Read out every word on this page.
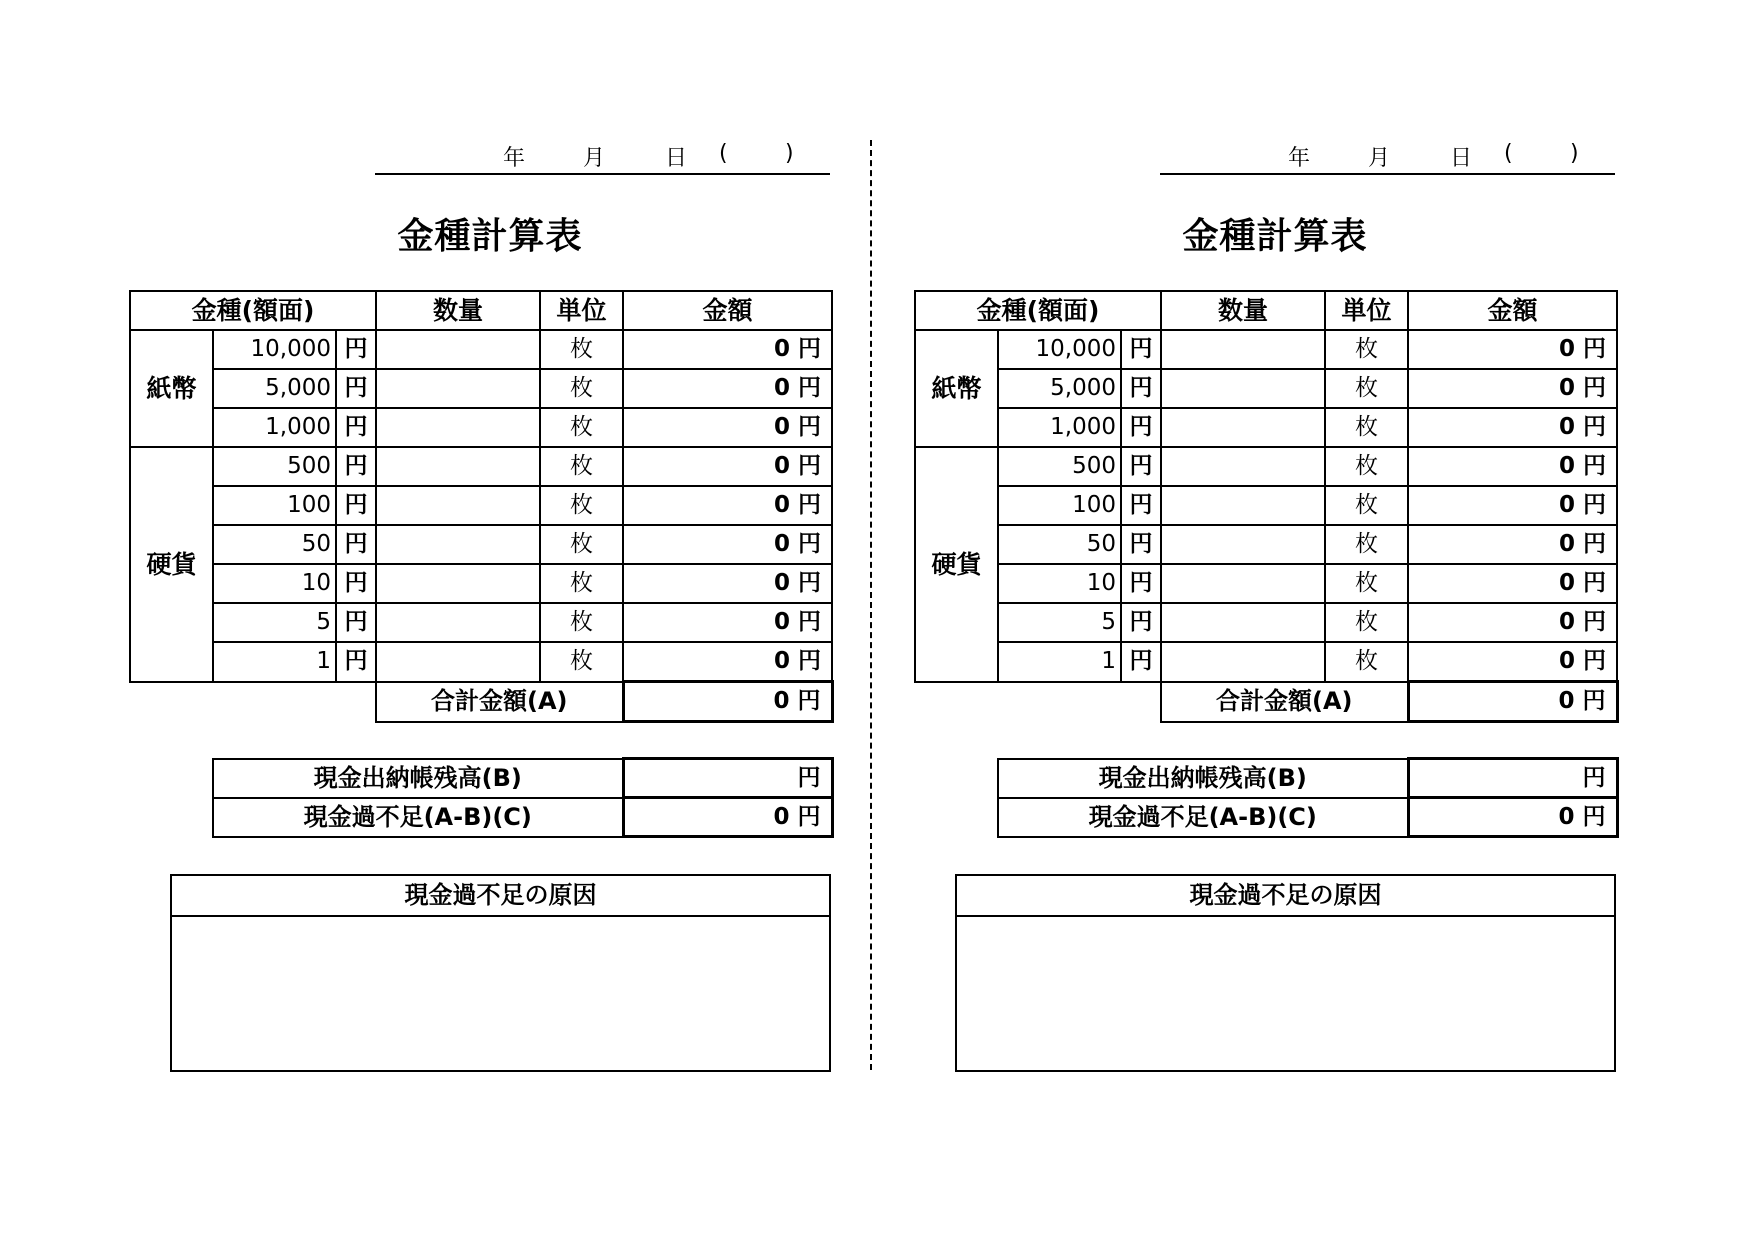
年	月	日 (	)
金種計算表
金種(額面)			数量	単位	金額
紙幣	10,000	円		枚	0 円
	5,000	円		枚	0 円
	1,000	円		枚	0 円
硬貨	500	円		枚	0 円
	100	円		枚	0 円
	50	円		枚	0 円
	10	円		枚	0 円
	5	円		枚	0 円
	1	円		枚	0 円
			合計金額(A)		0 円
現金出納帳残高(B)	円
現金過不足(A-B)(C)	0 円
現金過不足の原因

年	月	日 (	)
金種計算表
金種(額面)			数量	単位	金額
紙幣	10,000	円		枚	0 円
	5,000	円		枚	0 円
	1,000	円		枚	0 円
硬貨	500	円		枚	0 円
	100	円		枚	0 円
	50	円		枚	0 円
	10	円		枚	0 円
	5	円		枚	0 円
	1	円		枚	0 円
			合計金額(A)		0 円
現金出納帳残高(B)	円
現金過不足(A-B)(C)	0 円
現金過不足の原因
